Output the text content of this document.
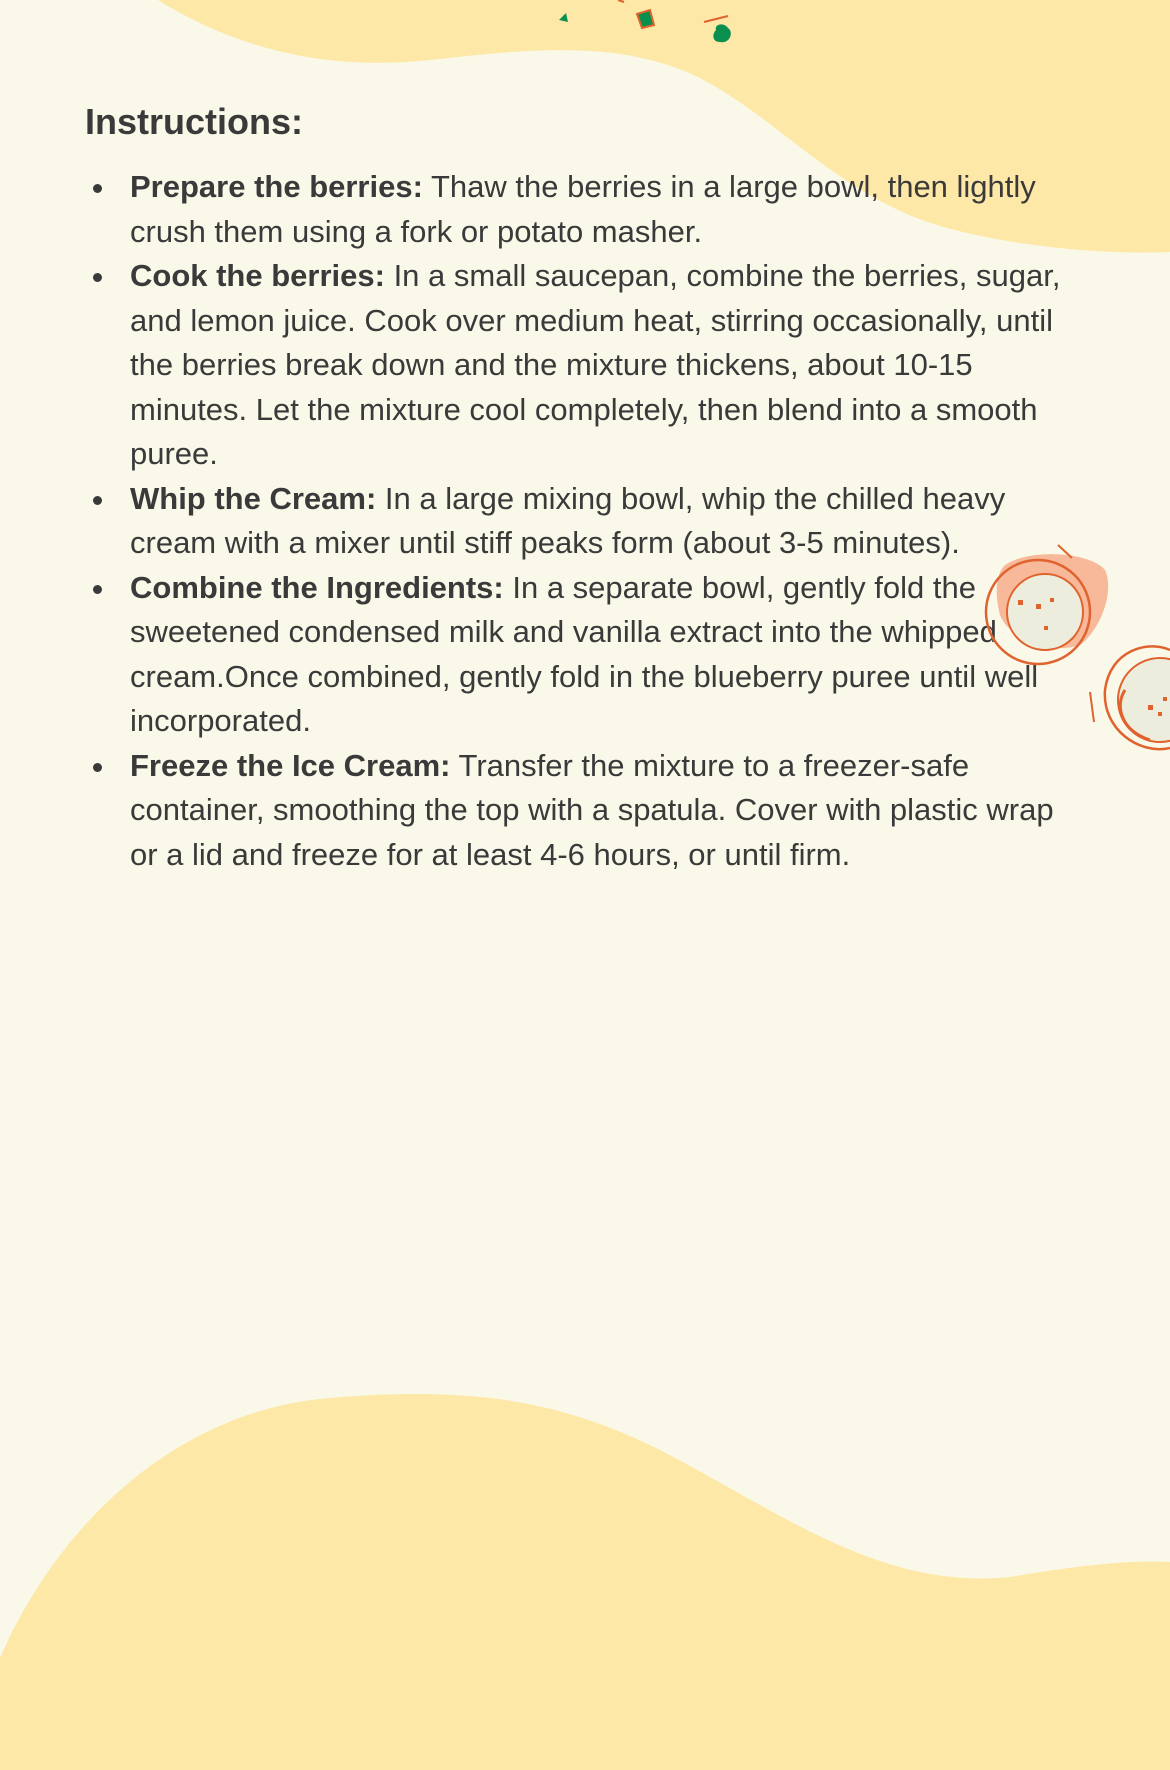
Instructions:
Prepare the berries: Thaw the berries in a large bowl, then lightly crush them using a fork or potato masher.
Cook the berries: In a small saucepan, combine the berries, sugar, and lemon juice. Cook over medium heat, stirring occasionally, until the berries break down and the mixture thickens, about 10-15 minutes. Let the mixture cool completely, then blend into a smooth puree.
Whip the Cream: In a large mixing bowl, whip the chilled heavy cream with a mixer until stiff peaks form (about 3-5 minutes).
Combine the Ingredients: In a separate bowl, gently fold the sweetened condensed milk and vanilla extract into the whipped cream.Once combined, gently fold in the blueberry puree until well incorporated.
Freeze the Ice Cream: Transfer the mixture to a freezer-safe container, smoothing the top with a spatula. Cover with plastic wrap or a lid and freeze for at least 4-6 hours, or until firm.
